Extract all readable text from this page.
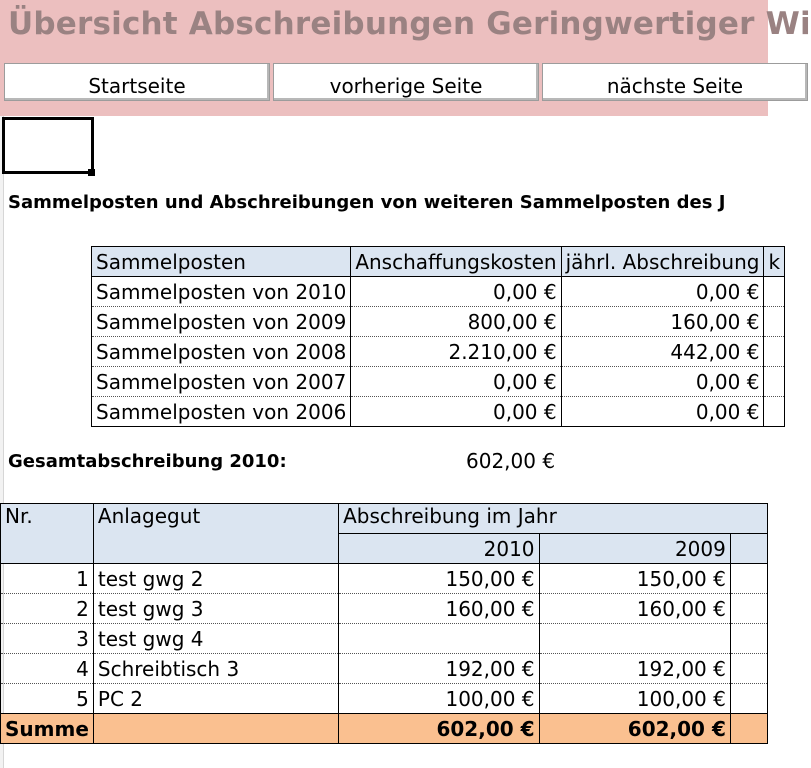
Übersicht Abschreibungen Geringwertiger Wi
Startseite	vorherige Seite	nächste Seite
Sammelposten und Abschreibungen von weiteren Sammelposten des J
Sammelposten	Anschaffungskosten	jährl. Abschreibung	k
Sammelposten von 2010	0,00 €	0,00 €	
Sammelposten von 2009	800,00 €	160,00 €	
Sammelposten von 2008	2.210,00 €	442,00 €	
Sammelposten von 2007	0,00 €	0,00 €	
Sammelposten von 2006	0,00 €	0,00 €	
Gesamtabschreibung 2010:	602,00 €
Nr.	Anlagegut	Abschreibung im Jahr		
		2010	2009	
1	test gwg 2	150,00 €	150,00 €	
2	test gwg 3	160,00 €	160,00 €	
3	test gwg 4			
4	Schreibtisch 3	192,00 €	192,00 €	
5	PC 2	100,00 €	100,00 €	
Summe		602,00 €	602,00 €	
